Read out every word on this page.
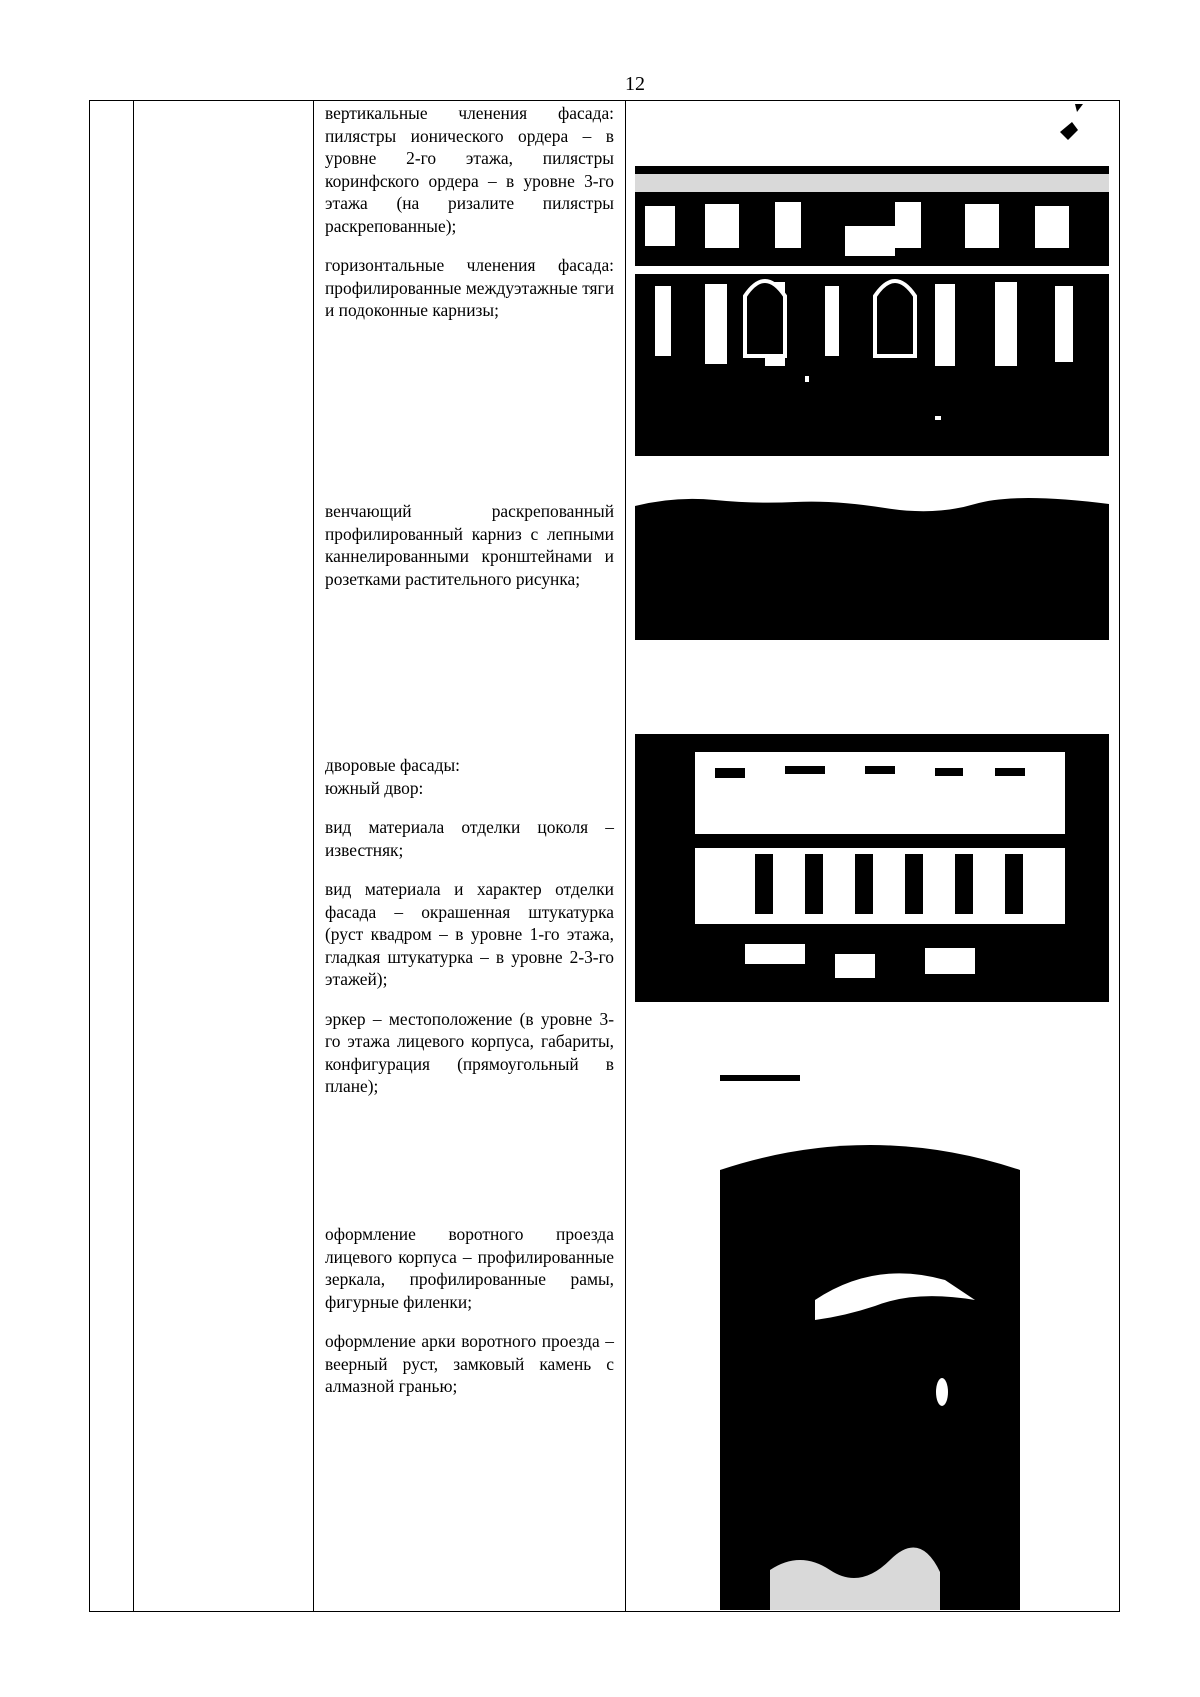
12

вертикальные членения фасада: пилястры ионического ордера – в уровне 2-го этажа, пилястры коринфского ордера – в уровне 3-го этажа (на ризалите пилястры раскрепованные);

горизонтальные членения фасада: профилированные междуэтажные тяги и подоконные карнизы;

венчающий раскрепованный профилированный карниз с лепными каннелированными кронштейнами и розетками растительного рисунка;

дворовые фасады:

южный двор:

вид материала отделки цоколя – известняк;

вид материала и характер отделки фасада – окрашенная штукатурка (руст квадром – в уровне 1-го этажа, гладкая штукатурка – в уровне 2-3-го этажей);

эркер – местоположение (в уровне 3-го этажа лицевого корпуса, габариты, конфигурация (прямоугольный в плане);

оформление воротного проезда лицевого корпуса – профилированные зеркала, профилированные рамы, фигурные филенки;

оформление арки воротного проезда – веерный руст, замковый камень с алмазной гранью;
